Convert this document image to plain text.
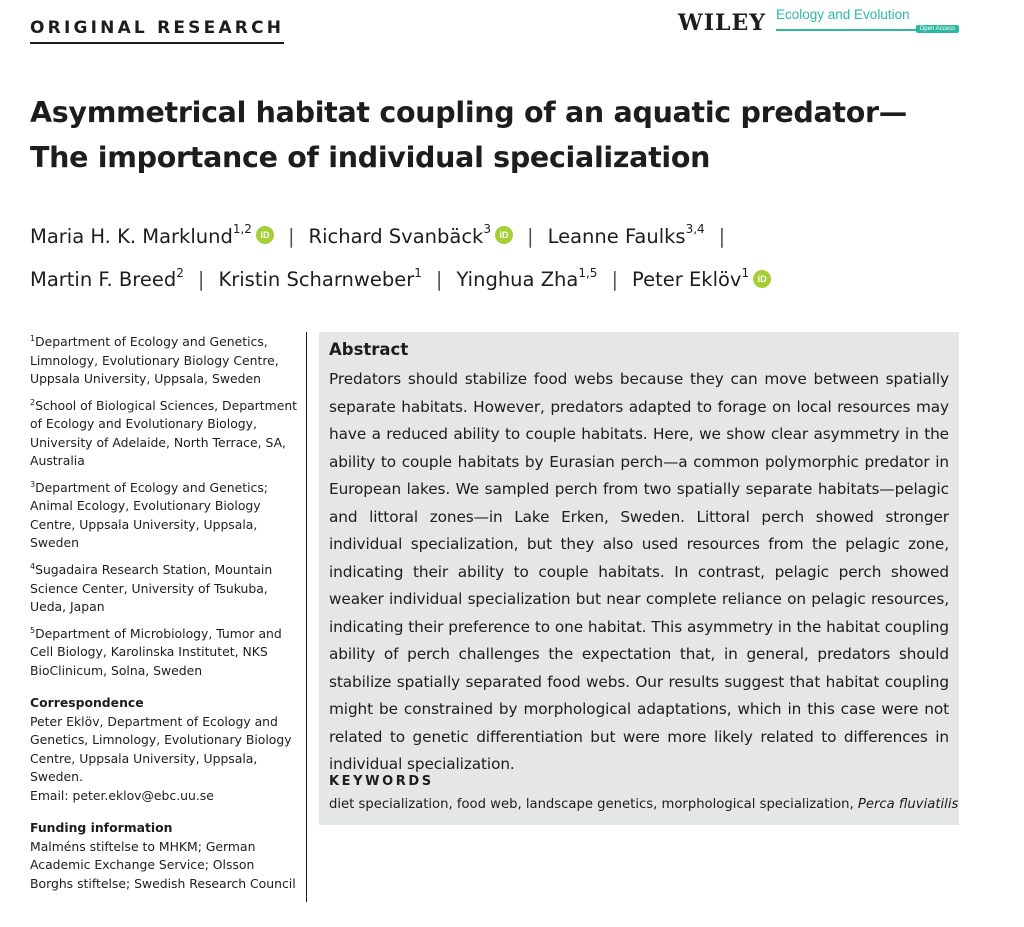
ORIGINAL RESEARCH	WILEY Ecology and Evolution
Open Access
Asymmetrical habitat coupling of an aquatic predator—The importance of individual specialization
Maria H. K. Marklund$^{1,2}$ iD | Richard Svanbäck$^3$ iD | Leanne Faulks$^{3,4}$ |
Martin F. Breed$^2$ | Kristin Scharnweber$^1$ | Yinghua Zha$^{1,5}$ | Peter Eklöv$^1$ iD
$^1$Department of Ecology and Genetics, Limnology, Evolutionary Biology Centre, Uppsala University, Uppsala, Sweden
$^2$School of Biological Sciences, Department of Ecology and Evolutionary Biology, University of Adelaide, North Terrace, SA, Australia
$^3$Department of Ecology and Genetics; Animal Ecology, Evolutionary Biology Centre, Uppsala University, Uppsala, Sweden
$^4$Sugadaira Research Station, Mountain Science Center, University of Tsukuba, Ueda, Japan
$^5$Department of Microbiology, Tumor and Cell Biology, Karolinska Institutet, NKS BioClinicum, Solna, Sweden
Correspondence
Peter Eklöv, Department of Ecology and Genetics, Limnology, Evolutionary Biology Centre, Uppsala University, Uppsala, Sweden.
Email: peter.eklov@ebc.uu.se
Funding information
Malméns stiftelse to MHKM; German Academic Exchange Service; Olsson Borghs stiftelse; Swedish Research Council
Abstract
Predators should stabilize food webs because they can move between spatially separate habitats. However, predators adapted to forage on local resources may have a reduced ability to couple habitats. Here, we show clear asymmetry in the ability to couple habitats by Eurasian perch—a common polymorphic predator in European lakes. We sampled perch from two spatially separate habitats—pelagic and littoral zones—in Lake Erken, Sweden. Littoral perch showed stronger individual specialization, but they also used resources from the pelagic zone, indicating their ability to couple habitats. In contrast, pelagic perch showed weaker individual specialization but near complete reliance on pelagic resources, indicating their preference to one habitat. This asymmetry in the habitat coupling ability of perch challenges the expectation that, in general, predators should stabilize spatially separated food webs. Our results suggest that habitat coupling might be constrained by morphological adaptations, which in this case were not related to genetic differentiation but were more likely related to differences in individual specialization.
KEYWORDS
diet specialization, food web, landscape genetics, morphological specialization, Perca fluviatilis
